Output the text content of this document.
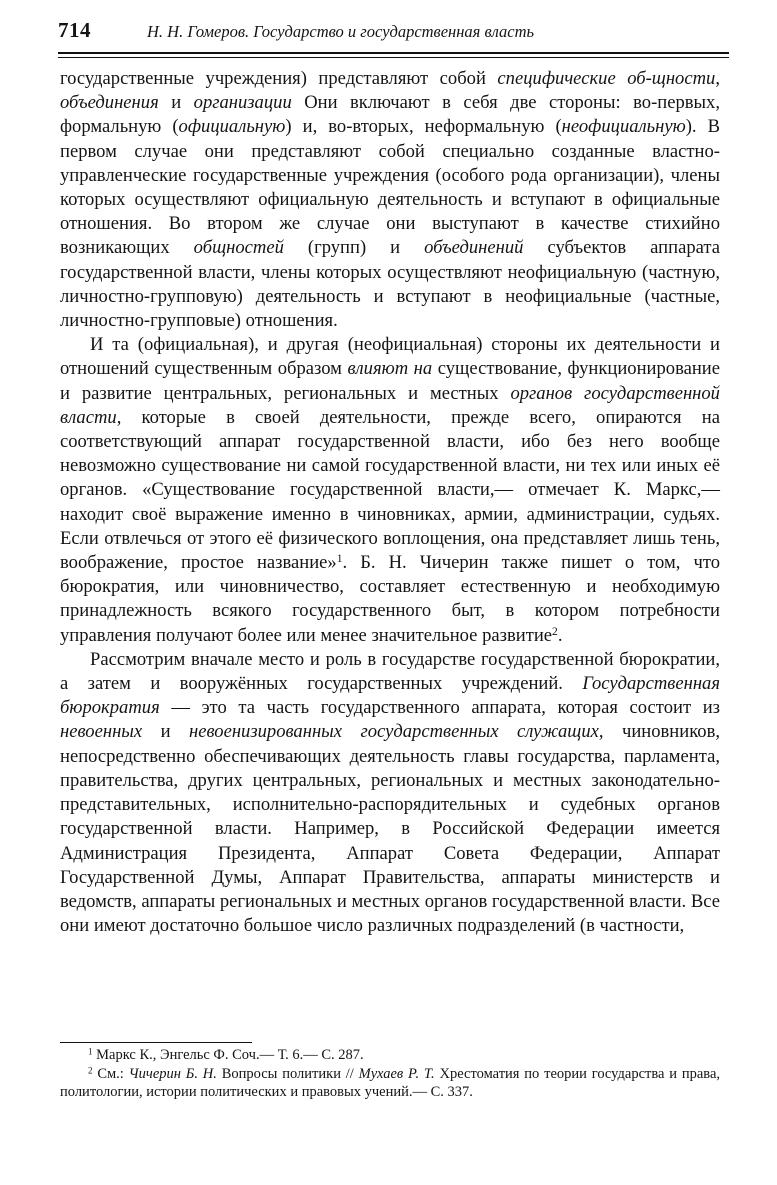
714	Н. Н. Гомеров. Государство и государственная власть

государственные учреждения) представляют собой специфические об-щности, объединения и организации Они включают в себя две стороны: во-первых, формальную (официальную) и, во-вторых, неформальную (неофициальную). В первом случае они представляют собой специально созданные властно-управленческие государственные учреждения (особого рода организации), члены которых осуществляют официальную деятельность и вступают в официальные отношения. Во втором же случае они выступают в качестве стихийно возникающих общностей (групп) и объединений субъектов аппарата государственной власти, члены которых осуществляют неофициальную (частную, личностно-групповую) деятельность и вступают в неофициальные (частные, личностно-групповые) отношения.

И та (официальная), и другая (неофициальная) стороны их деятельности и отношений существенным образом влияют на существование, функционирование и развитие центральных, региональных и местных органов государственной власти, которые в своей деятельности, прежде всего, опираются на соответствующий аппарат государственной власти, ибо без него вообще невозможно существование ни самой государственной власти, ни тех или иных её органов. «Существование государственной власти,— отмечает К. Маркс,— находит своё выражение именно в чиновниках, армии, администрации, судьях. Если отвлечься от этого её физического воплощения, она представляет лишь тень, воображение, простое название»$^1$. Б. Н. Чичерин также пишет о том, что бюрократия, или чиновничество, составляет естественную и необходимую принадлежность всякого государственного быт, в котором потребности управления получают более или менее значительное развитие$^2$.

Рассмотрим вначале место и роль в государстве государственной бюрократии, а затем и вооружённых государственных учреждений. Государственная бюрократия — это та часть государственного аппарата, которая состоит из невоенных и невоенизированных государственных служащих, чиновников, непосредственно обеспечивающих деятельность главы государства, парламента, правительства, других центральных, региональных и местных законодательно-представительных, исполнительно-распорядительных и судебных органов государственной власти. Например, в Российской Федерации имеется Администрация Президента, Аппарат Совета Федерации, Аппарат Государственной Думы, Аппарат Правительства, аппараты министерств и ведомств, аппараты региональных и местных органов государственной власти. Все они имеют достаточно большое число различных подразделений (в частности,

$^1$ Маркс К., Энгельс Ф. Соч.— Т. 6.— С. 287.

$^2$ См.: Чичерин Б. Н. Вопросы политики // Мухаев Р. Т. Хрестоматия по теории государства и права, политологии, истории политических и правовых учений.— С. 337.
